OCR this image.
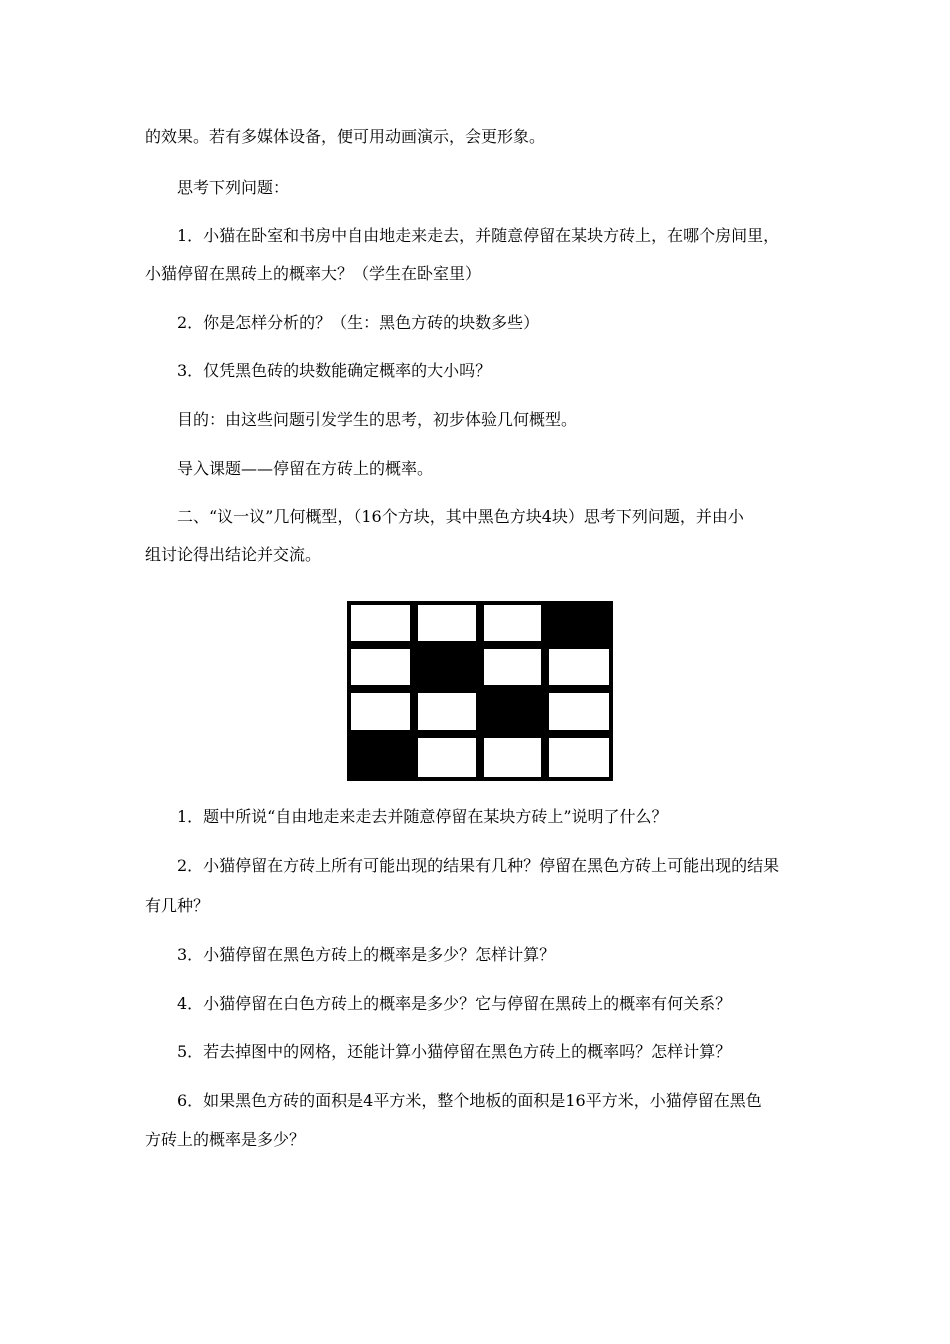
的效果。若有多媒体设备，便可用动画演示，会更形象。

思考下列问题：

1．小猫在卧室和书房中自由地走来走去，并随意停留在某块方砖上，在哪个房间里，

小猫停留在黑砖上的概率大？（学生在卧室里）

2．你是怎样分析的？（生：黑色方砖的块数多些）

3．仅凭黑色砖的块数能确定概率的大小吗？

目的：由这些问题引发学生的思考，初步体验几何概型。

导入课题——停留在方砖上的概率。

二、“议一议”几何概型，（16个方块，其中黑色方块4块）思考下列问题，并由小

组讨论得出结论并交流。

1．题中所说“自由地走来走去并随意停留在某块方砖上”说明了什么？

2．小猫停留在方砖上所有可能出现的结果有几种？停留在黑色方砖上可能出现的结果

有几种？

3．小猫停留在黑色方砖上的概率是多少？怎样计算？

4．小猫停留在白色方砖上的概率是多少？它与停留在黑砖上的概率有何关系？

5．若去掉图中的网格，还能计算小猫停留在黑色方砖上的概率吗？怎样计算？

6．如果黑色方砖的面积是4平方米，整个地板的面积是16平方米，小猫停留在黑色

方砖上的概率是多少？
